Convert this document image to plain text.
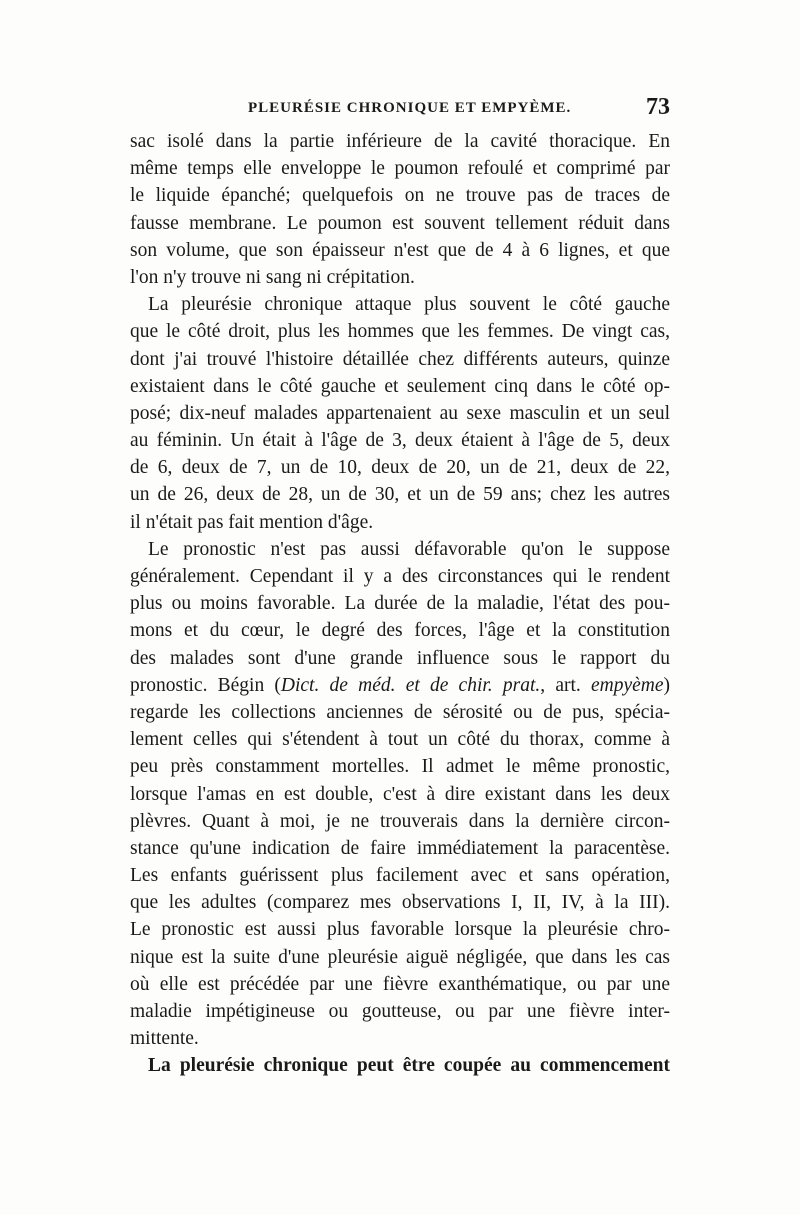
PLEURÉSIE CHRONIQUE ET EMPYÈME.	73
sac isolé dans la partie inférieure de la cavité thoracique. En
même temps elle enveloppe le poumon refoulé et comprimé par
le liquide épanché; quelquefois on ne trouve pas de traces de
fausse membrane. Le poumon est souvent tellement réduit dans
son volume, que son épaisseur n'est que de 4 à 6 lignes, et que
l'on n'y trouve ni sang ni crépitation.
La pleurésie chronique attaque plus souvent le côté gauche
que le côté droit, plus les hommes que les femmes. De vingt cas,
dont j'ai trouvé l'histoire détaillée chez différents auteurs, quinze
existaient dans le côté gauche et seulement cinq dans le côté op-
posé; dix-neuf malades appartenaient au sexe masculin et un seul
au féminin. Un était à l'âge de 3, deux étaient à l'âge de 5, deux
de 6, deux de 7, un de 10, deux de 20, un de 21, deux de 22,
un de 26, deux de 28, un de 30, et un de 59 ans; chez les autres
il n'était pas fait mention d'âge.
Le pronostic n'est pas aussi défavorable qu'on le suppose
généralement. Cependant il y a des circonstances qui le rendent
plus ou moins favorable. La durée de la maladie, l'état des pou-
mons et du cœur, le degré des forces, l'âge et la constitution
des malades sont d'une grande influence sous le rapport du
pronostic. Bégin (Dict. de méd. et de chir. prat., art. empyème)
regarde les collections anciennes de sérosité ou de pus, spécia-
lement celles qui s'étendent à tout un côté du thorax, comme à
peu près constamment mortelles. Il admet le même pronostic,
lorsque l'amas en est double, c'est à dire existant dans les deux
plèvres. Quant à moi, je ne trouverais dans la dernière circon-
stance qu'une indication de faire immédiatement la paracentèse.
Les enfants guérissent plus facilement avec et sans opération,
que les adultes (comparez mes observations I, II, IV, à la III).
Le pronostic est aussi plus favorable lorsque la pleurésie chro-
nique est la suite d'une pleurésie aiguë négligée, que dans les cas
où elle est précédée par une fièvre exanthématique, ou par une
maladie impétigineuse ou goutteuse, ou par une fièvre inter-
mittente.
La pleurésie chronique peut être coupée au commencement
